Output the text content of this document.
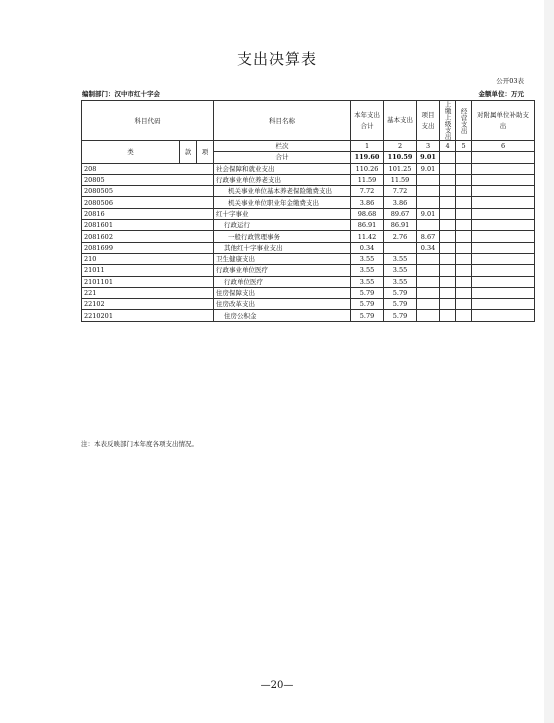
支出决算表
公开03表
编制部门：汉中市红十字会	金额单位：万元
科目代码			科目名称	本年支出合计	基本支出	项目支出	上缴上级支出	经营支出	对附属单位补助支出

类	款	项	栏次	1	2	3	4	5	6
			合计	119.60	110.59	9.01			
208			社会保障和就业支出	110.26	101.25	9.01			
20805			行政事业单位养老支出	11.59	11.59				
2080505			机关事业单位基本养老保险缴费支出	7.72	7.72				
2080506			机关事业单位职业年金缴费支出	3.86	3.86				
20816			红十字事业	98.68	89.67	9.01			
2081601			行政运行	86.91	86.91				
2081602			一般行政管理事务	11.42	2.76	8.67			
2081699			其他红十字事业支出	0.34		0.34			
210			卫生健康支出	3.55	3.55				
21011			行政事业单位医疗	3.55	3.55				
2101101			行政单位医疗	3.55	3.55				
221			住房保障支出	5.79	5.79				
22102			住房改革支出	5.79	5.79				
2210201			住房公积金	5.79	5.79				
注：本表反映部门本年度各项支出情况。
—20—
